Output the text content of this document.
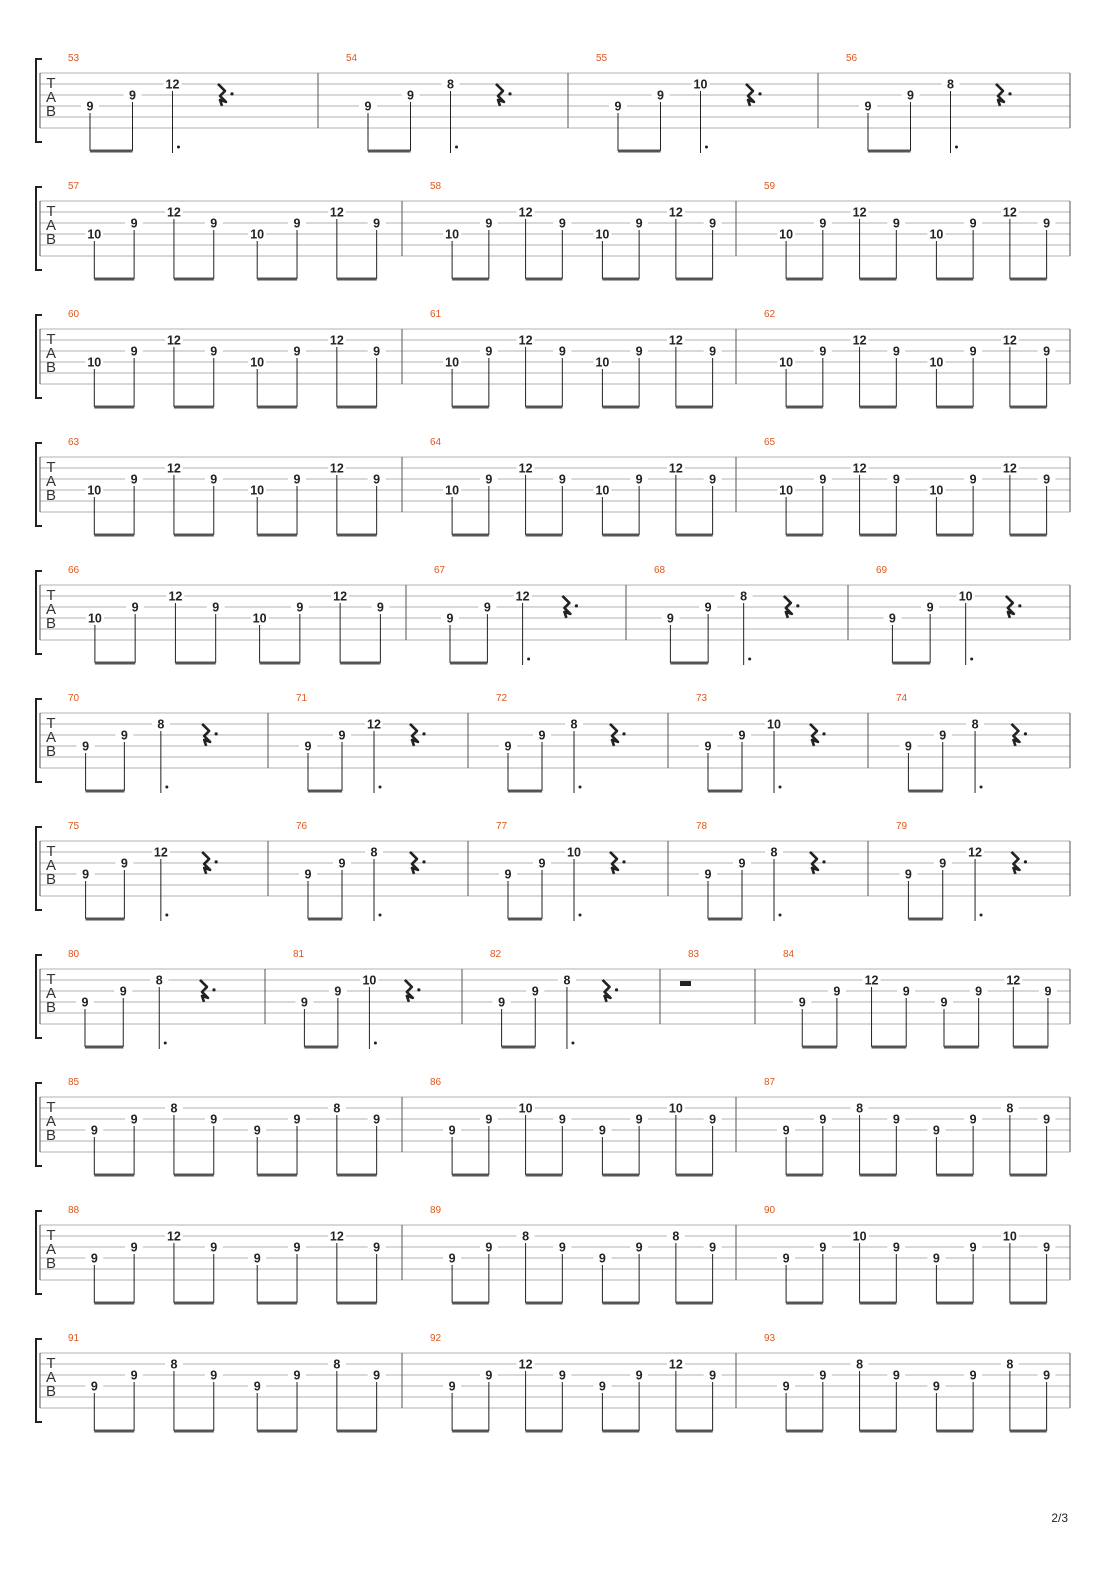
T
A
B
53
9
9
12
54
9
9
8
55
9
9
10
56
9
9
8
T
A
B
57
10
9
12
9
10
9
12
9
58
10
9
12
9
10
9
12
9
59
10
9
12
9
10
9
12
9
T
A
B
60
10
9
12
9
10
9
12
9
61
10
9
12
9
10
9
12
9
62
10
9
12
9
10
9
12
9
T
A
B
63
10
9
12
9
10
9
12
9
64
10
9
12
9
10
9
12
9
65
10
9
12
9
10
9
12
9
T
A
B
66
10
9
12
9
10
9
12
9
67
9
9
12
68
9
9
8
69
9
9
10
T
A
B
70
9
9
8
71
9
9
12
72
9
9
8
73
9
9
10
74
9
9
8
T
A
B
75
9
9
12
76
9
9
8
77
9
9
10
78
9
9
8
79
9
9
12
T
A
B
80
9
9
8
81
9
9
10
82
9
9
8
83	84
9
9
12
9
9
9
12
9
T
A
B
85
9
9
8
9
9
9
8
9
86
9
9
10
9
9
9
10
9
87
9
9
8
9
9
9
8
9
T
A
B
88
9
9
12
9
9
9
12
9
89
9
9
8
9
9
9
8
9
90
9
9
10
9
9
9
10
9
T
A
B
91
9
9
8
9
9
9
8
9
92
9
9
12
9
9
9
12
9
93
9
9
8
9
9
9
8
9
2/3
